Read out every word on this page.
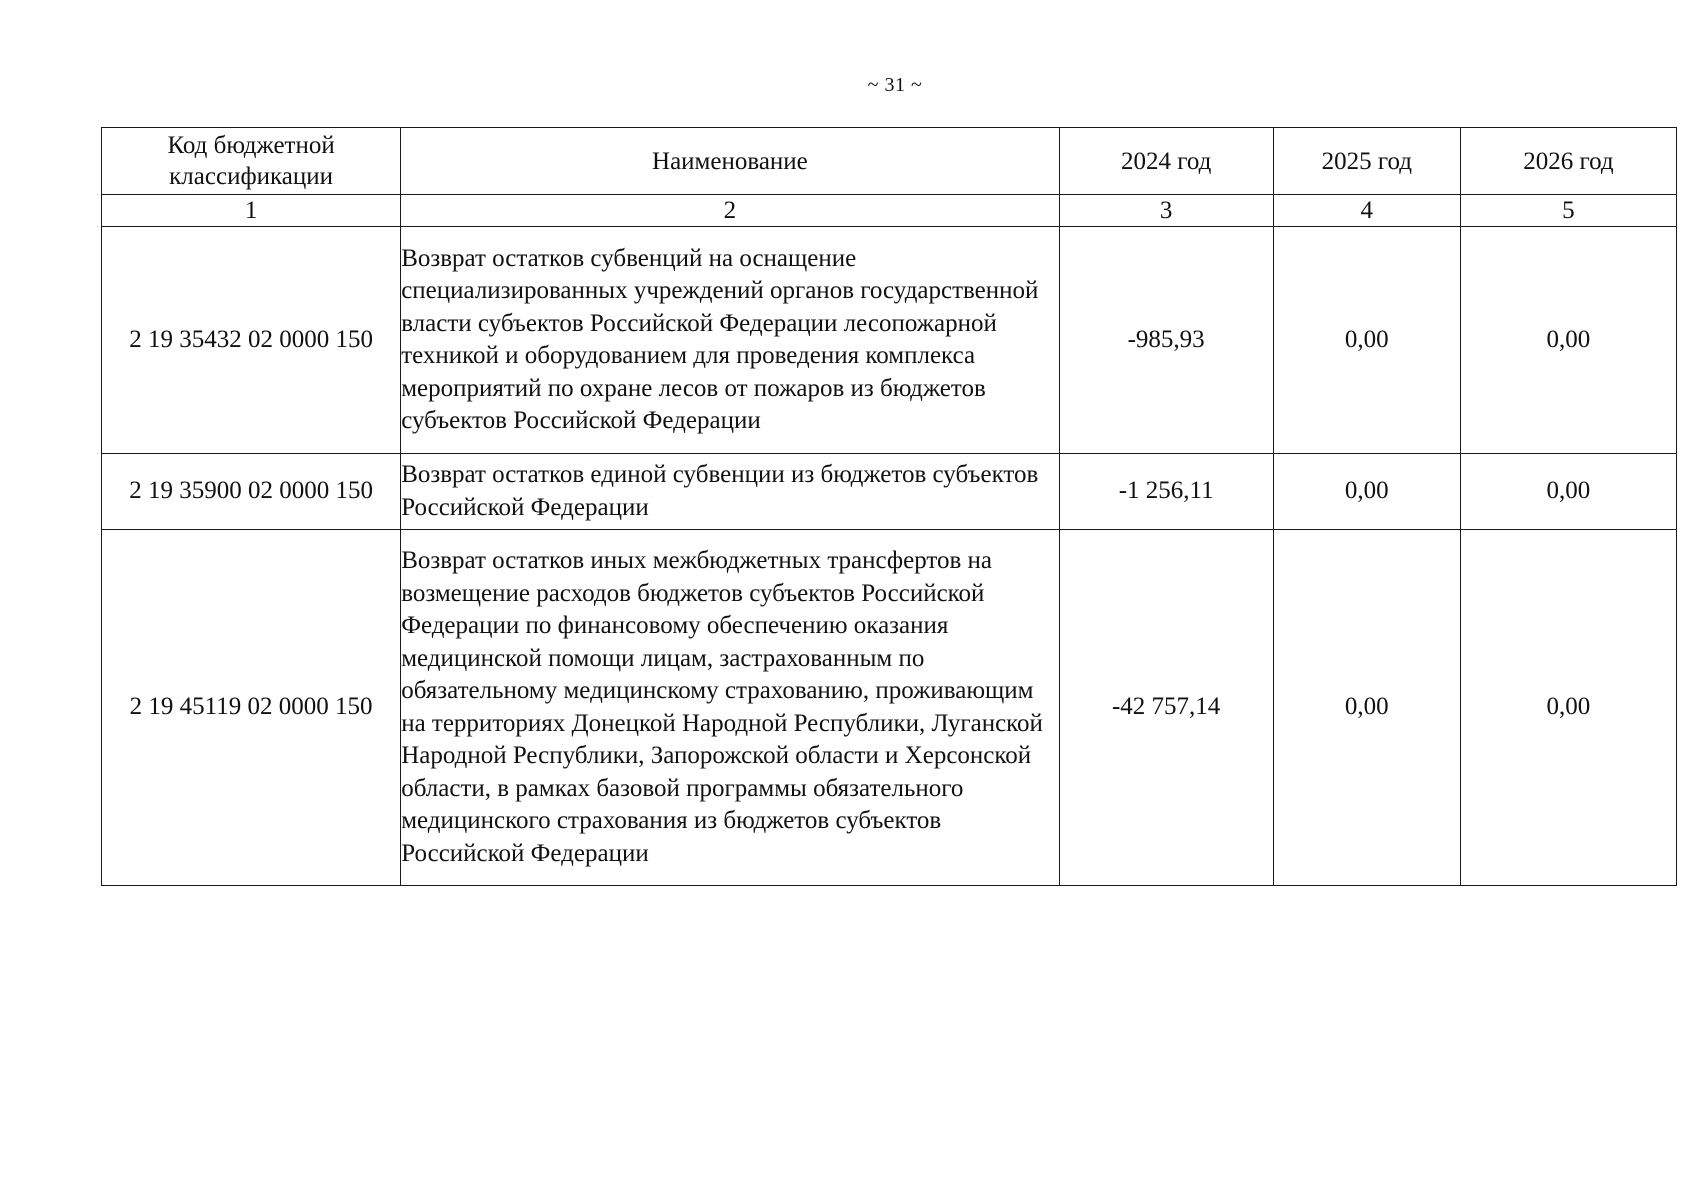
~ 31 ~
Код бюджетной классификации	Наименование	2024 год	2025 год	2026 год
1	2	3	4	5
2 19 35432 02 0000 150	Возврат остатков субвенций на оснащение специализированных учреждений органов государственной власти субъектов Российской Федерации лесопожарной техникой и оборудованием для проведения комплекса мероприятий по охране лесов от пожаров из бюджетов субъектов Российской Федерации	-985,93	0,00	0,00
2 19 35900 02 0000 150	Возврат остатков единой субвенции из бюджетов субъектов Российской Федерации	-1 256,11	0,00	0,00
2 19 45119 02 0000 150	Возврат остатков иных межбюджетных трансфертов на возмещение расходов бюджетов субъектов Российской Федерации по финансовому обеспечению оказания медицинской помощи лицам, застрахованным по обязательному медицинскому страхованию, проживающим на территориях Донецкой Народной Республики, Луганской Народной Республики, Запорожской области и Херсонской области, в рамках базовой программы обязательного медицинского страхования из бюджетов субъектов Российской Федерации	-42 757,14	0,00	0,00
